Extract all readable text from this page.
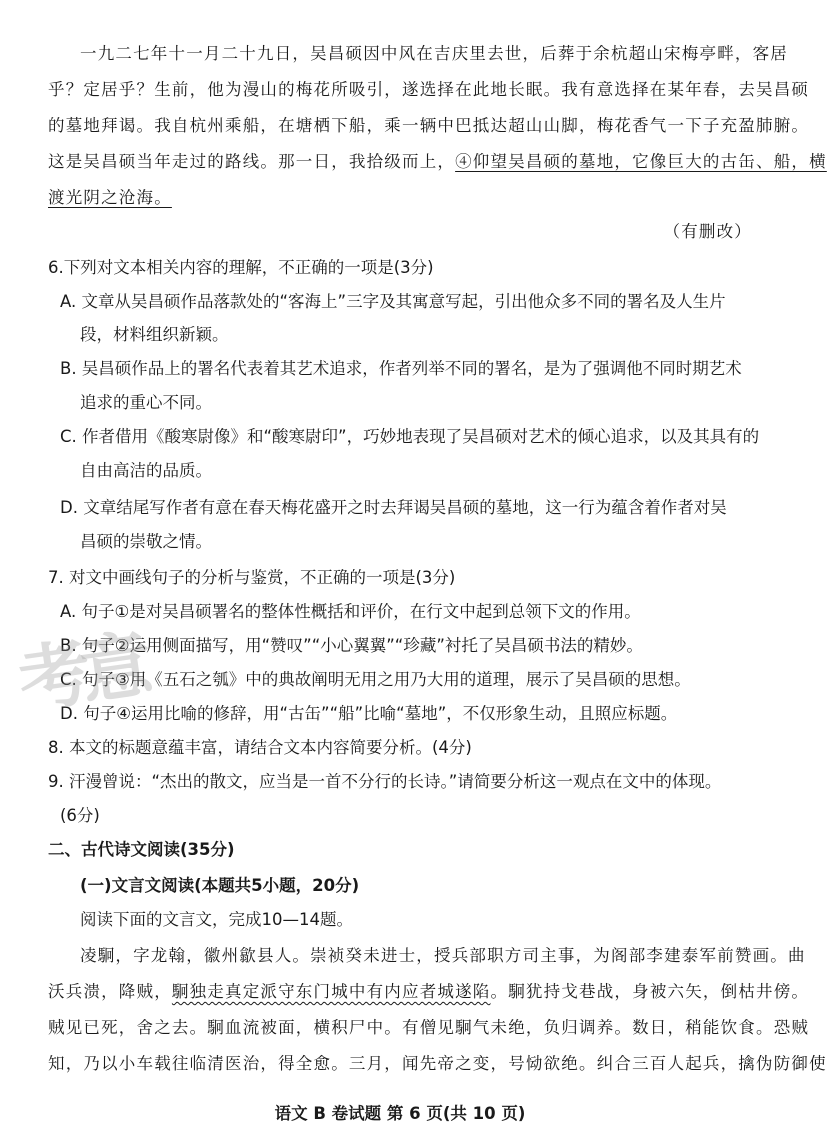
一九二七年十一月二十九日，吴昌硕因中风在吉庆里去世，后葬于余杭超山宋梅亭畔，客居
乎？定居乎？生前，他为漫山的梅花所吸引，遂选择在此地长眠。我有意选择在某年春，去吴昌硕
的墓地拜谒。我自杭州乘船，在塘栖下船，乘一辆中巴抵达超山山脚，梅花香气一下子充盈肺腑。
这是吴昌硕当年走过的路线。那一日，我拾级而上，④仰望吴昌硕的墓地，它像巨大的古缶、船，横
渡光阴之沧海。
（有删改）
6.下列对文本相关内容的理解，不正确的一项是(3分)
A. 文章从吴昌硕作品落款处的“客海上”三字及其寓意写起，引出他众多不同的署名及人生片
段，材料组织新颖。
B. 吴昌硕作品上的署名代表着其艺术追求，作者列举不同的署名，是为了强调他不同时期艺术
追求的重心不同。
C. 作者借用《酸寒尉像》和“酸寒尉印”，巧妙地表现了吴昌硕对艺术的倾心追求，以及其具有的
自由高洁的品质。
D. 文章结尾写作者有意在春天梅花盛开之时去拜谒吴昌硕的墓地，这一行为蕴含着作者对吴
昌硕的崇敬之情。
7. 对文中画线句子的分析与鉴赏，不正确的一项是(3分)
A. 句子①是对吴昌硕署名的整体性概括和评价，在行文中起到总领下文的作用。
B. 句子②运用侧面描写，用“赞叹”“小心翼翼”“珍藏”衬托了吴昌硕书法的精妙。
C. 句子③用《五石之瓠》中的典故阐明无用之用乃大用的道理，展示了吴昌硕的思想。
D. 句子④运用比喻的修辞，用“古缶”“船”比喻“墓地”，不仅形象生动，且照应标题。
8. 本文的标题意蕴丰富，请结合文本内容简要分析。(4分)
9. 汗漫曾说：“杰出的散文，应当是一首不分行的长诗。”请简要分析这一观点在文中的体现。
(6分)
二、古代诗文阅读(35分)
(一)文言文阅读(本题共5小题，20分)
阅读下面的文言文，完成10—14题。
凌駉，字龙翰，徽州歙县人。崇祯癸未进士，授兵部职方司主事，为阁部李建泰军前赞画。曲
沃兵溃，降贼，駉独走真定派守东门城中有内应者城遂陷。駉犹持戈巷战，身被六矢，倒枯井傍。
贼见已死，舍之去。駉血流被面，横积尸中。有僧见駉气未绝，负归调养。数日，稍能饮食。恐贼
知，乃以小车载往临清医治，得全愈。三月，闻先帝之变，号恸欲绝。纠合三百人起兵，擒伪防御使
语文 B 卷试题 第 6 页(共 10 页)
考意
